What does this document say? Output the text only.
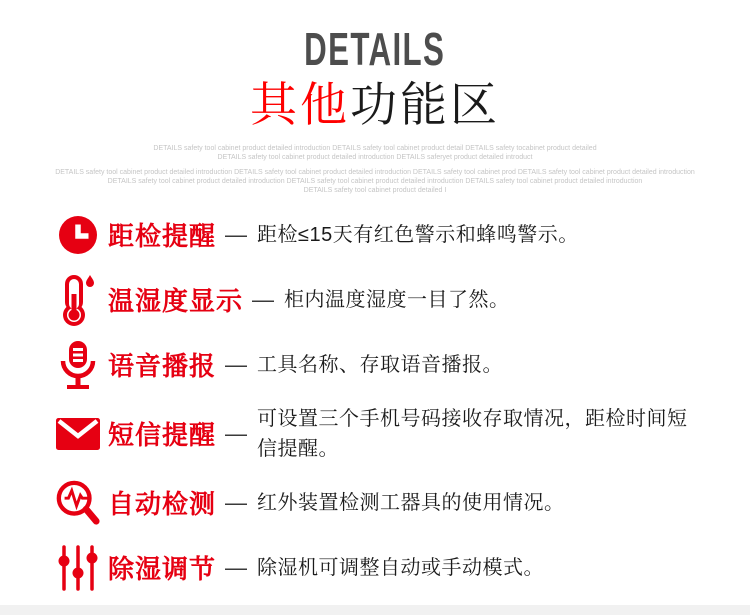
DETAILS
其他功能区

DETAILS safety tool cabinet product detailed introduction DETAILS safety tool cabinet product detail DETAILS safety tocabinet product detailed
DETAILS safety tool cabinet product detailed introduction DETAILS saferyet product detailed introduct

DETAILS safety tool cabinet product detailed introduction DETAILS safety tool cabinet product detailed introduction DETAILS safety tool cabinet prod DETAILS safety tool cabinet product detailed introduction
DETAILS safety tool cabinet product detailed introduction DETAILS safety tool cabinet product detailed introduction DETAILS safety tool cabinet product detailed introduction
DETAILS safety tool cabinet product detailed I

距检提醒 — 距检≤15天有红色警示和蜂鸣警示。
温湿度显示 — 柜内温度湿度一目了然。
语音播报 — 工具名称、存取语音播报。
短信提醒 —
可设置三个手机号码接收存取情况，距检时间短信提醒。
自动检测 — 红外装置检测工器具的使用情况。
除湿调节 — 除湿机可调整自动或手动模式。
